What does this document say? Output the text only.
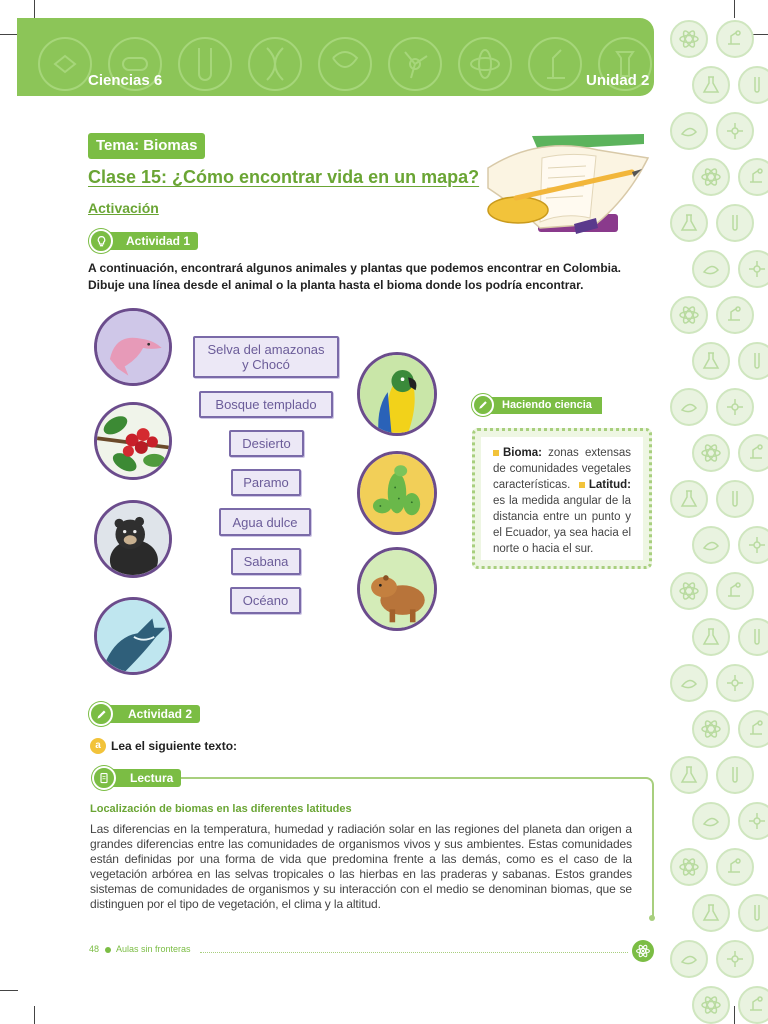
Ciencias 6	Unidad 2
Tema: Biomas
Clase 15: ¿Cómo encontrar vida en un mapa?
Activación
Actividad 1
A continuación, encontrará algunos animales y plantas que podemos encontrar en Colombia. Dibuje una línea desde el animal o la planta hasta el bioma donde los podría encontrar.
Selva del amazonas
y Chocó
Bosque templado
Desierto
Paramo
Agua dulce
Sabana
Océano
Haciendo ciencia
Bioma: zonas extensas de comunidades vegetales características. Latitud: es la medida angular de la distancia entre un punto y el Ecuador, ya sea hacia el norte o hacia el sur.
Actividad 2
a Lea el siguiente texto:
Lectura
Localización de biomas en las diferentes latitudes
Las diferencias en la temperatura, humedad y radiación solar en las regiones del planeta dan origen a grandes diferencias entre las comunidades de organismos vivos y sus ambientes. Estas comunidades están definidas por una forma de vida que predomina frente a las demás, como es el caso de la vegetación arbórea en las selvas tropicales o las hierbas en las praderas y sabanas. Estos grandes sistemas de comunidades de organismos y su interacción con el medio se denominan biomas, que se distinguen por el tipo de vegetación, el clima y la altitud.
48 Aulas sin fronteras
